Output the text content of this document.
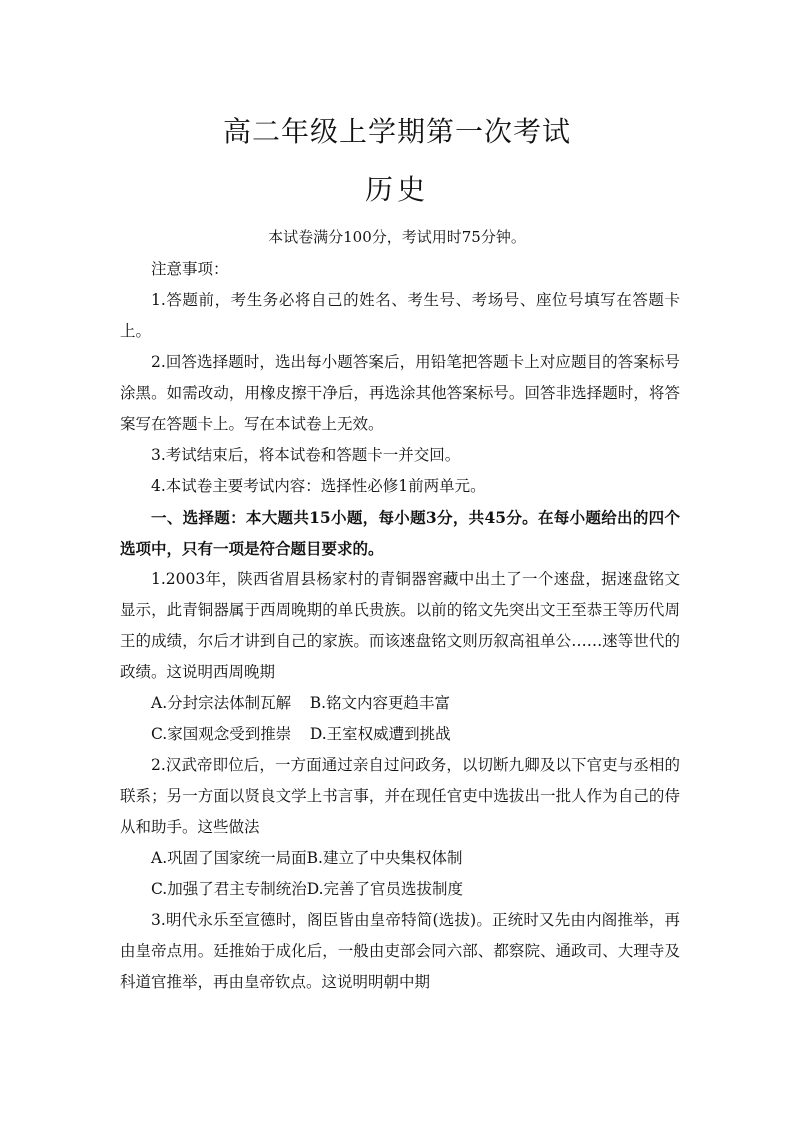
高二年级上学期第一次考试
历史
本试卷满分100分，考试用时75分钟。

注意事项：

1.答题前，考生务必将自己的姓名、考生号、考场号、座位号填写在答题卡上。

2.回答选择题时，选出每小题答案后，用铅笔把答题卡上对应题目的答案标号涂黑。如需改动，用橡皮擦干净后，再选涂其他答案标号。回答非选择题时，将答案写在答题卡上。写在本试卷上无效。

3.考试结束后，将本试卷和答题卡一并交回。

4.本试卷主要考试内容：选择性必修1前两单元。

一、选择题：本大题共15小题，每小题3分，共45分。在每小题给出的四个选项中，只有一项是符合题目要求的。

1.2003年，陕西省眉县杨家村的青铜器窖藏中出土了一个逨盘，据逨盘铭文显示，此青铜器属于西周晚期的单氏贵族。以前的铭文先突出文王至恭王等历代周王的成绩，尔后才讲到自己的家族。而该逨盘铭文则历叙高祖单公……逨等世代的政绩。这说明西周晚期

A.分封宗法体制瓦解 B.铭文内容更趋丰富

C.家国观念受到推崇 D.王室权威遭到挑战

2.汉武帝即位后，一方面通过亲自过问政务，以切断九卿及以下官吏与丞相的联系；另一方面以贤良文学上书言事，并在现任官吏中选拔出一批人作为自己的侍从和助手。这些做法

A.巩固了国家统一局面B.建立了中央集权体制

C.加强了君主专制统治D.完善了官员选拔制度

3.明代永乐至宣德时，阁臣皆由皇帝特简(选拔)。正统时又先由内阁推举，再由皇帝点用。廷推始于成化后，一般由吏部会同六部、都察院、通政司、大理寺及科道官推举，再由皇帝钦点。这说明明朝中期
